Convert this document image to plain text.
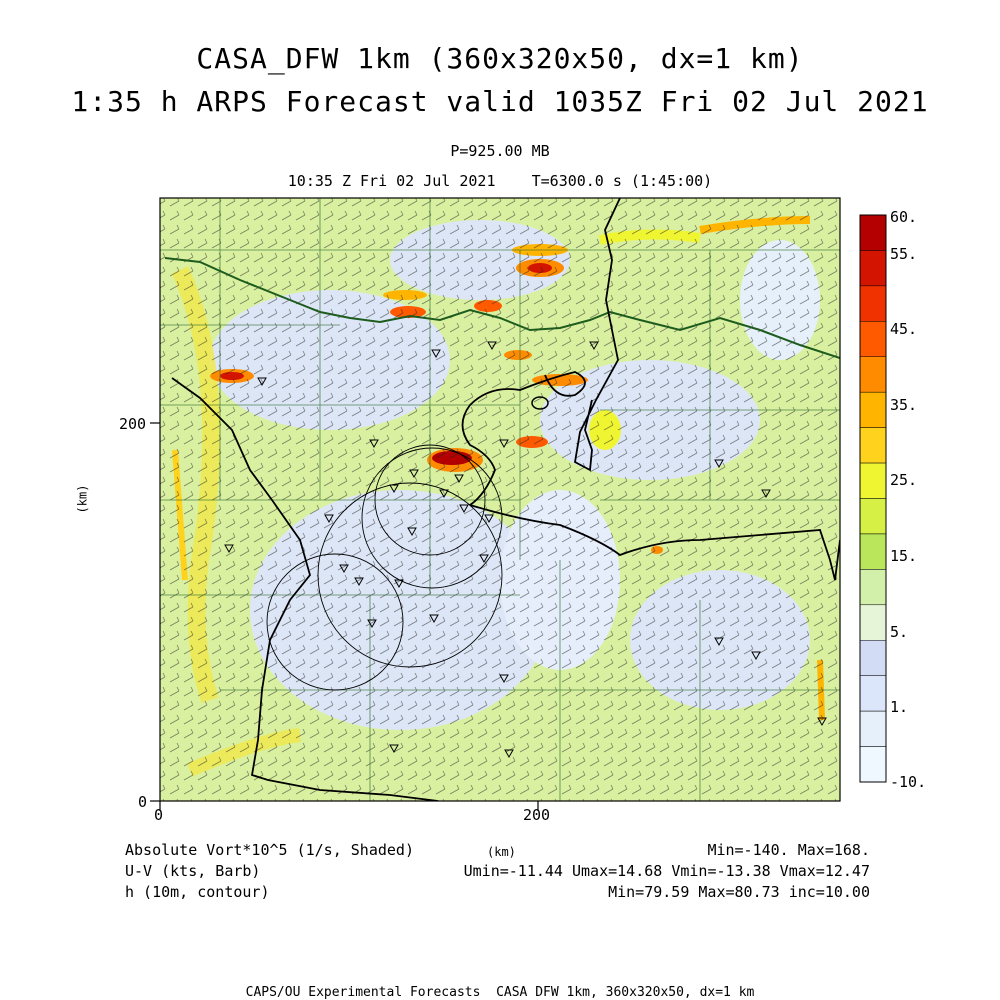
CASA_DFW 1km (360x320x50, dx=1 km)
1:35 h ARPS Forecast valid 1035Z Fri 02 Jul 2021
P=925.00 MB
10:35 Z Fri 02 Jul 2021    T=6300.0 s (1:45:00)
0	200
0
200
(km)
60.
55.
45.
35.
25.
15.
5.
1.
-10.
Absolute Vort*10^5 (1/s, Shaded)
U-V (kts, Barb)
h (10m, contour)
(km)	Min=-140. Max=168.
Umin=-11.44 Umax=14.68 Vmin=-13.38 Vmax=12.47
Min=79.59 Max=80.73 inc=10.00
CAPS/OU Experimental Forecasts  CASA DFW 1km, 360x320x50, dx=1 km
